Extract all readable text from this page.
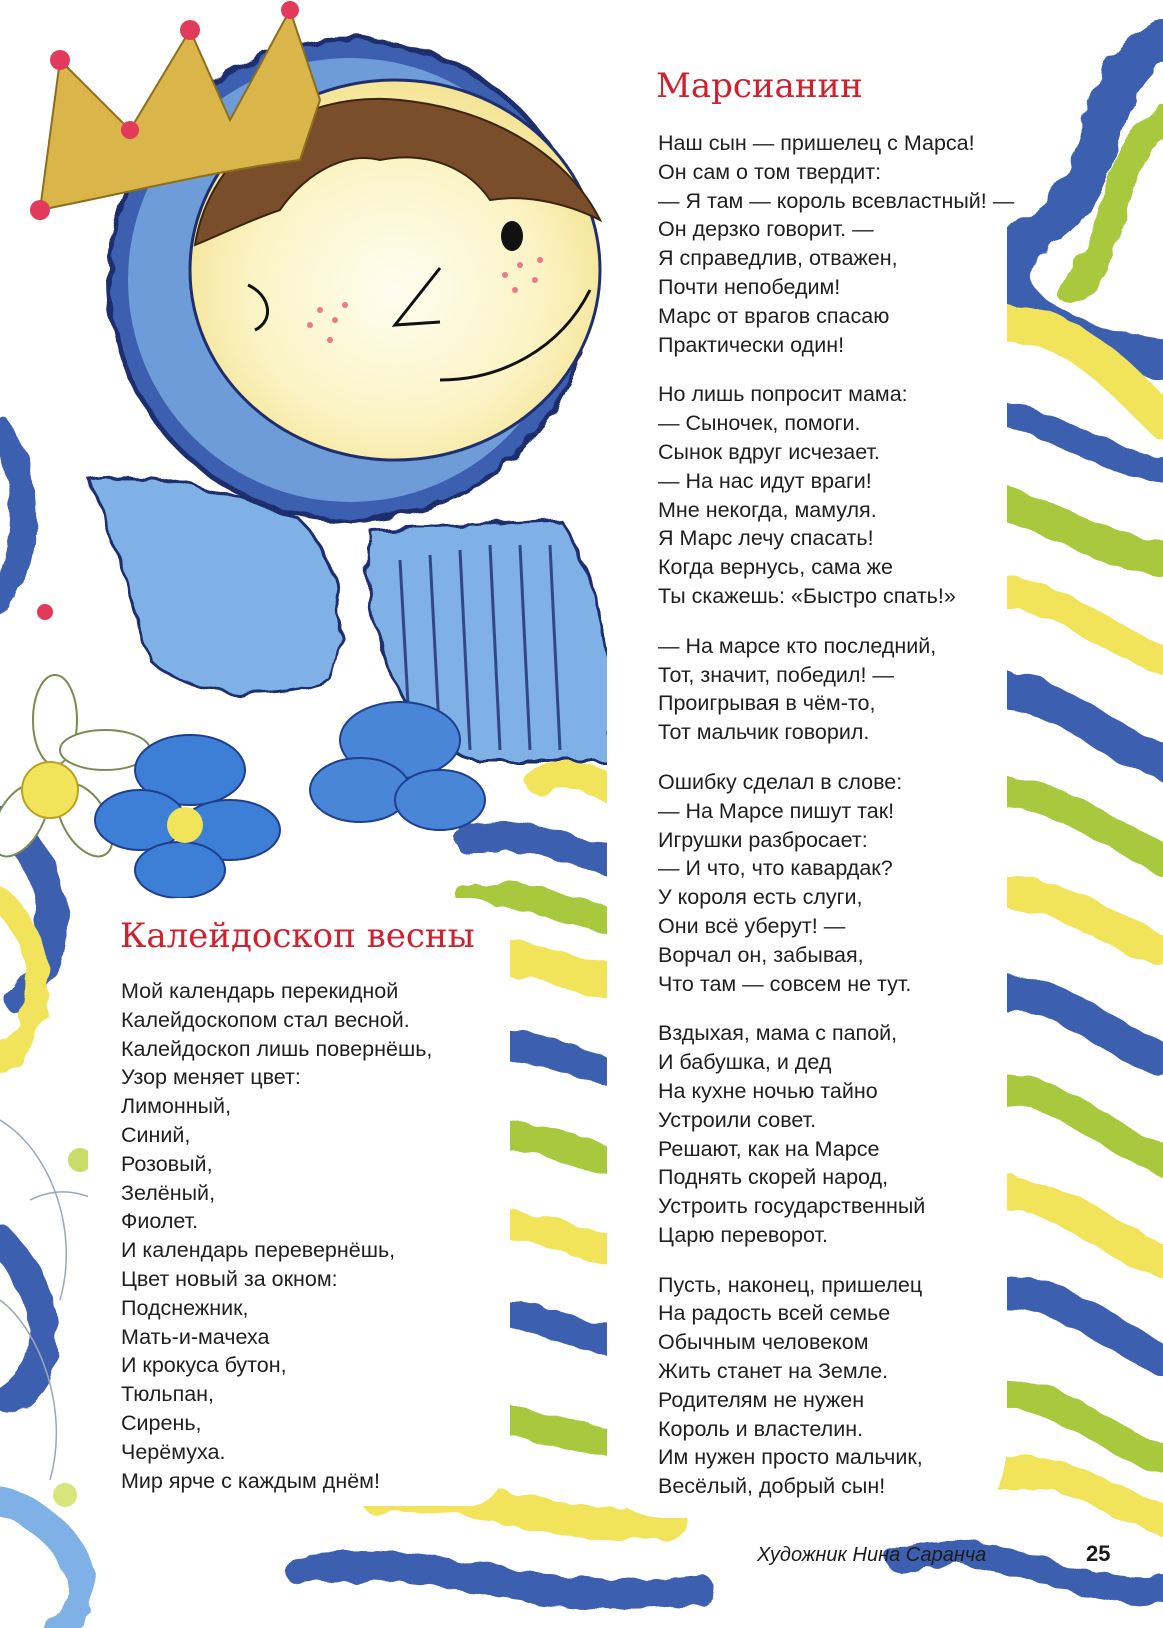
Марсианин

Наш сын — пришелец с Марса!

Он сам о том твердит:

— Я там — король всевластный! —

Он дерзко говорит. —

Я справедлив, отважен,

Почти непобедим!

Марс от врагов спасаю

Практически один!

Но лишь попросит мама:

— Сыночек, помоги.

Сынок вдруг исчезает.

— На нас идут враги!

Мне некогда, мамуля.

Я Марс лечу спасать!

Когда вернусь, сама же

Ты скажешь: «Быстро спать!»

— На марсе кто последний,

Тот, значит, победил! —

Проигрывая в чём-то,

Тот мальчик говорил.

Ошибку сделал в слове:

— На Марсе пишут так!

Игрушки разбросает:

— И что, что кавардак?

У короля есть слуги,

Они всё уберут! —

Ворчал он, забывая,

Что там — совсем не тут.

Вздыхая, мама с папой,

И бабушка, и дед

На кухне ночью тайно

Устроили совет.

Решают, как на Марсе

Поднять скорей народ,

Устроить государственный

Царю переворот.

Пусть, наконец, пришелец

На радость всей семье

Обычным человеком

Жить станет на Земле.

Родителям не нужен

Король и властелин.

Им нужен просто мальчик,

Весёлый, добрый сын!

Калейдоскоп весны

Мой календарь перекидной

Калейдоскопом стал весной.

Калейдоскоп лишь повернёшь,

Узор меняет цвет:

Лимонный,

Синий,

Розовый,

Зелёный,

Фиолет.

И календарь перевернёшь,

Цвет новый за окном:

Подснежник,

Мать-и-мачеха

И крокуса бутон,

Тюльпан,

Сирень,

Черёмуха.

Мир ярче с каждым днём!

Художник Нина Саранча	25
